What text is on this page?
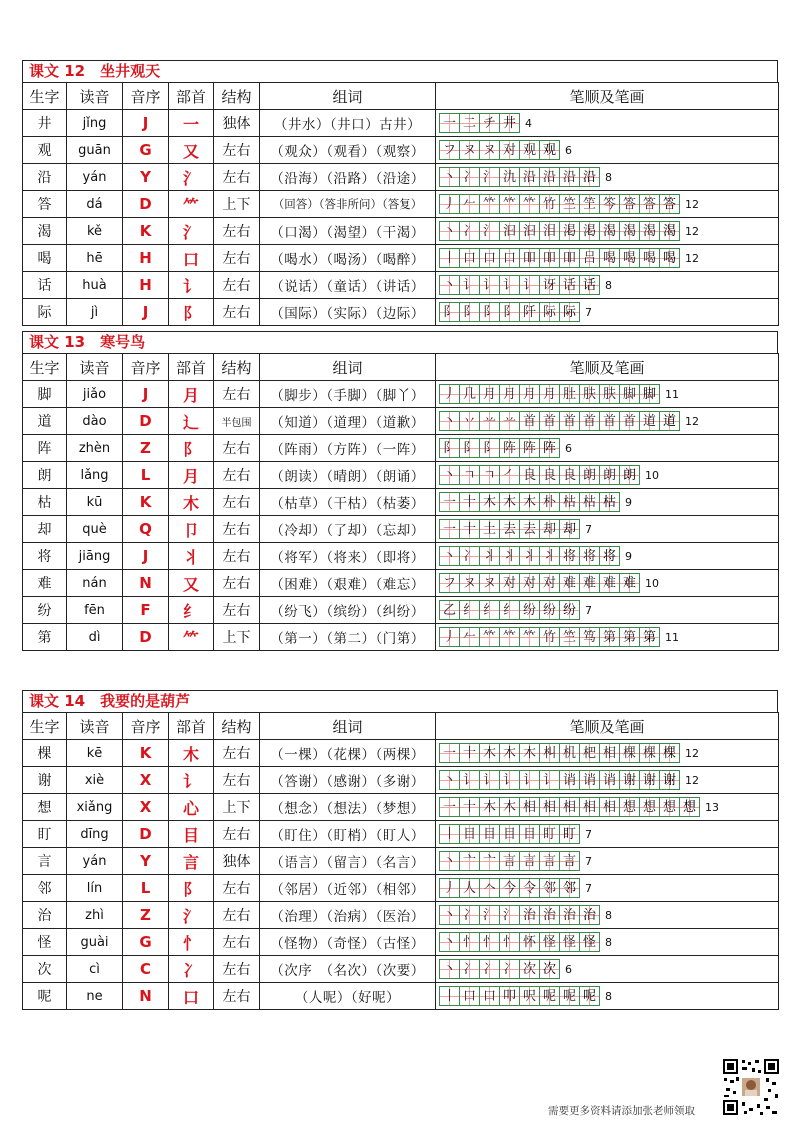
课文 12　坐井观天
生字	读音	音序	部首	结构	组词	笔顺及笔画
井	jǐng	J	一	独体	（井水）（井口）古井）	一 二 チ 井 4
观	guān	G	又	左右	（观众）（观看）（观察）	フ ヌ ヌ 对 观 观 6
沿	yán	Y	氵	左右	（沿海）（沿路）（沿途）	丶 冫 氵 氿 沿 沿 沿 沿 8
答	dá	D	⺮	上下	（回答）（答非所问）（答复）	丿 𠂉 𥫗 𥫗 𥫗 竹 竺 笁 笒 答 答 答 12
渴	kě	K	氵	左右	（口渴）（渴望）（干渴）	丶 冫 氵 汩 汩 泪 渇 渇 渴 渴 渴 渴 12
喝	hē	H	口	左右	（喝水）（喝汤）（喝醉）	丨 口 口 口 吅 吅 吅 吕 喝 喝 喝 喝 12
话	huà	H	讠	左右	（说话）（童话）（讲话）	丶 讠 讠 讠 讠 讶 话 话 8
际	jì	J	阝	左右	（国际）（实际）（边际）	阝 阝 阝 阝 阡 际 际 7
课文 13　寒号鸟
生字	读音	音序	部首	结构	组词	笔顺及笔画
脚	jiǎo	J	月	左右	（脚步）（手脚）（脚丫）	丿 几 月 月 月 月 肚 肤 肤 脚 脚 11
道	dào	D	辶	半包围	（知道）（道理）（道歉）	丶 丷 䒑 䒑 首 首 首 首 首 首 道 道 12
阵	zhèn	Z	阝	左右	（阵雨）（方阵）（一阵）	阝 阝 阝 阵 阵 阵 6
朗	lǎng	L	月	左右	（朗读）（晴朗）（朗诵）	丶 ㄱ ㄱ ㇒ 良 良 良 朗 朗 朗 10
枯	kū	K	木	左右	（枯草）（干枯）（枯萎）	一 十 木 木 木 朴 枯 枯 枯 9
却	què	Q	卩	左右	（冷却）（了却）（忘却）	一 十 土 去 去 却 却 7
将	jiāng	J	丬	左右	（将军）（将来）（即将）	丶 冫 丬 丬 丬 丬 将 将 将 9
难	nán	N	又	左右	（困难）（艰难）（难忘）	フ ヌ ヌ 对 对 对 难 难 难 难 10
纷	fēn	F	纟	左右	（纷飞）（缤纷）（纠纷）	乙 纟 纟 纟 纷 纷 纷 7
第	dì	D	⺮	上下	（第一）（第二）（门第）	丿 𠂉 𥫗 𥫗 𥫗 竹 竺 笃 第 第 第 11
课文 14　我要的是葫芦
生字	读音	音序	部首	结构	组词	笔顺及笔画
棵	kē	K	木	左右	（一棵）（花棵）（两棵）	一 十 木 木 木 朻 机 杷 相 棵 棵 棵 12
谢	xiè	X	讠	左右	（答谢）（感谢）（多谢）	丶 讠 讠 讠 讠 讠 诮 诮 诮 谢 谢 谢 12
想	xiǎng	X	心	上下	（想念）（想法）（梦想）	一 十 木 木 相 相 相 相 相 想 想 想 想 13
盯	dīng	D	目	左右	（盯住）（盯梢）（盯人）	丨 目 目 目 目 盯 盯 7
言	yán	Y	言	独体	（语言）（留言）（名言）	丶 亠 亠 言 言 言 言 7
邻	lín	L	阝	左右	（邻居）（近邻）（相邻）	丿 人 𠆢 今 令 邻 邻 7
治	zhì	Z	氵	左右	（治理）（治病）（医治）	丶 冫 氵 氵 治 治 治 治 8
怪	guài	G	忄	左右	（怪物）（奇怪）（古怪）	丶 忄 忄 忄 怀 怪 怪 怪 8
次	cì	C	冫	左右	（次序　（名次）（次要）	丶 冫 冫 冫 次 次 6
呢	ne	N	口	左右	（人呢）（好呢）	丨 口 口 叩 呎 呢 呢 呢 8
需要更多资料请添加张老师领取
